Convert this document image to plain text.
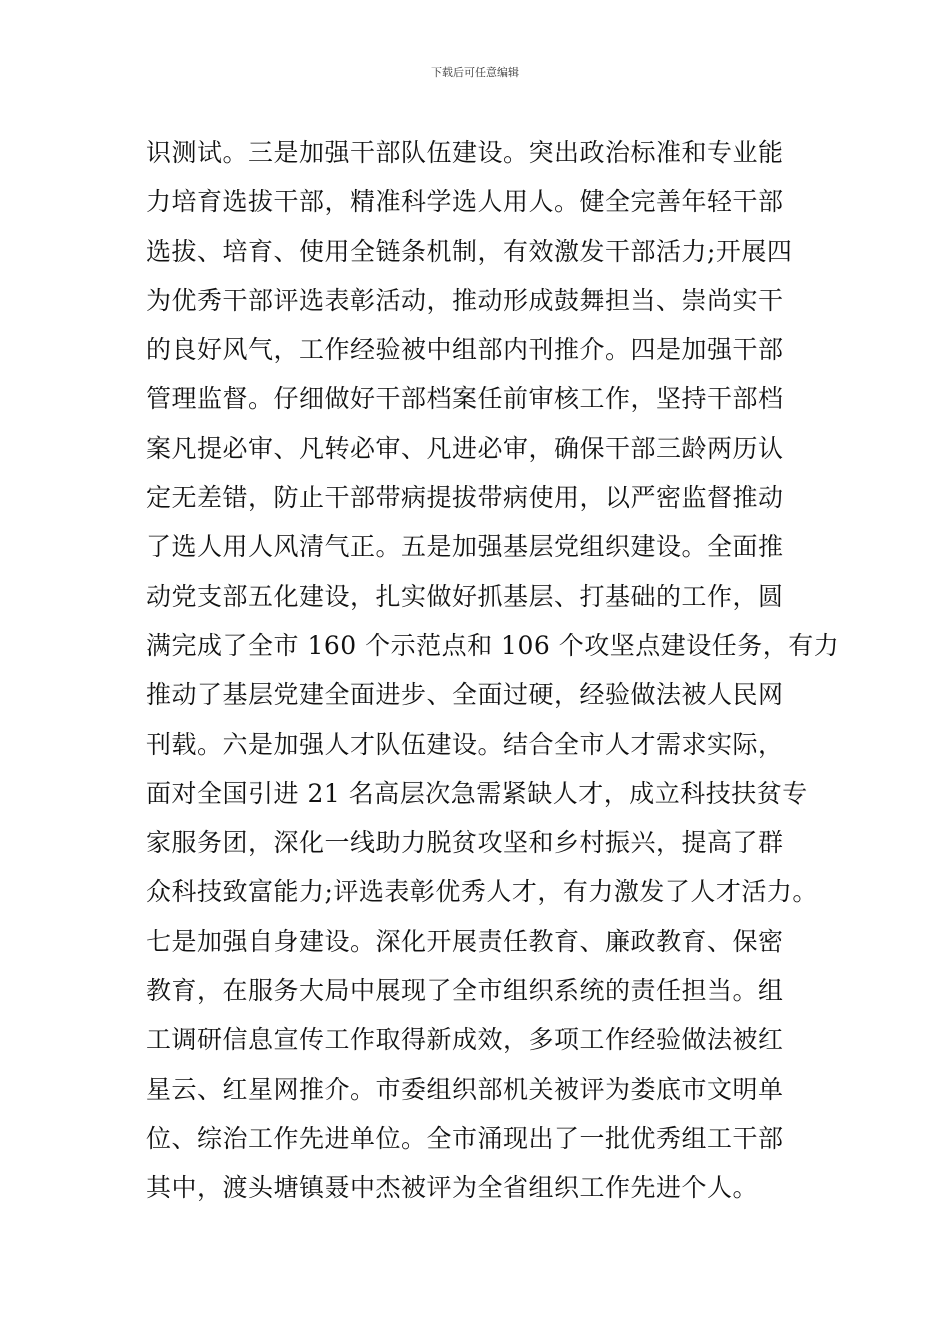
下载后可任意编辑
识测试。三是加强干部队伍建设。突出政治标准和专业能
力培育选拔干部，精准科学选人用人。健全完善年轻干部
选拔、培育、使用全链条机制，有效激发干部活力;开展四
为优秀干部评选表彰活动，推动形成鼓舞担当、崇尚实干
的良好风气，工作经验被中组部内刊推介。四是加强干部
管理监督。仔细做好干部档案任前审核工作，坚持干部档
案凡提必审、凡转必审、凡进必审，确保干部三龄两历认
定无差错，防止干部带病提拔带病使用，以严密监督推动
了选人用人风清气正。五是加强基层党组织建设。全面推
动党支部五化建设，扎实做好抓基层、打基础的工作，圆
满完成了全市 160 个示范点和 106 个攻坚点建设任务，有力
推动了基层党建全面进步、全面过硬，经验做法被人民网
刊载。六是加强人才队伍建设。结合全市人才需求实际，
面对全国引进 21 名高层次急需紧缺人才，成立科技扶贫专
家服务团，深化一线助力脱贫攻坚和乡村振兴，提高了群
众科技致富能力;评选表彰优秀人才，有力激发了人才活力。
七是加强自身建设。深化开展责任教育、廉政教育、保密
教育，在服务大局中展现了全市组织系统的责任担当。组
工调研信息宣传工作取得新成效，多项工作经验做法被红
星云、红星网推介。市委组织部机关被评为娄底市文明单
位、综治工作先进单位。全市涌现出了一批优秀组工干部
其中，渡头塘镇聂中杰被评为全省组织工作先进个人。
